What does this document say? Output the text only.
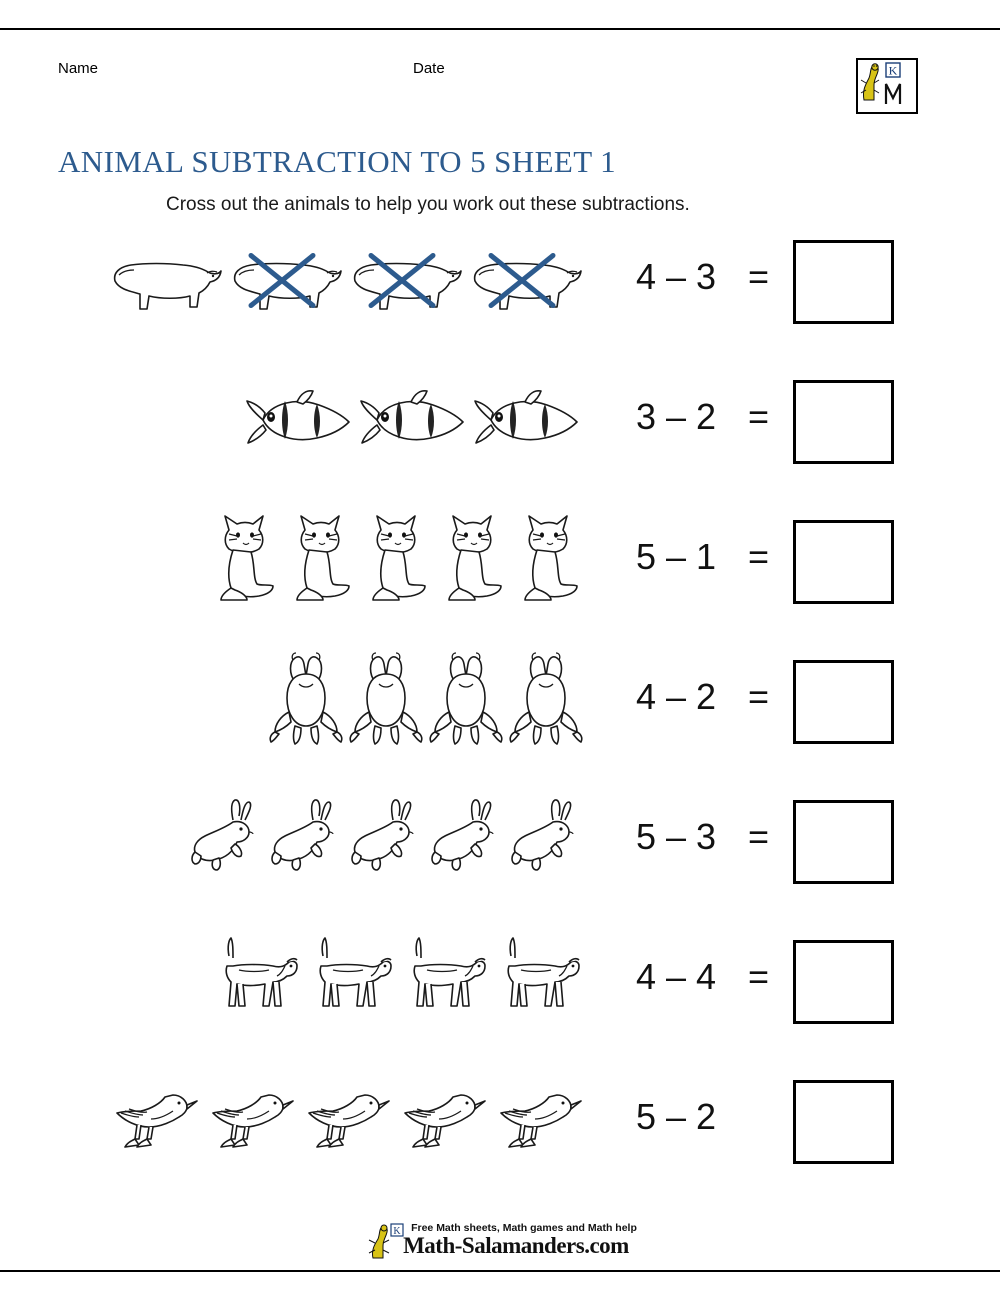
Name	Date	K
ANIMAL SUBTRACTION TO 5 SHEET 1
Cross out the animals to help you work out these subtractions.
4 – 3 =
3 – 2 =
5 – 1 =
4 – 2 =
5 – 3 =
4 – 4 =
5 – 2
K Free Math sheets, Math games and Math help
Math-Salamanders.com
